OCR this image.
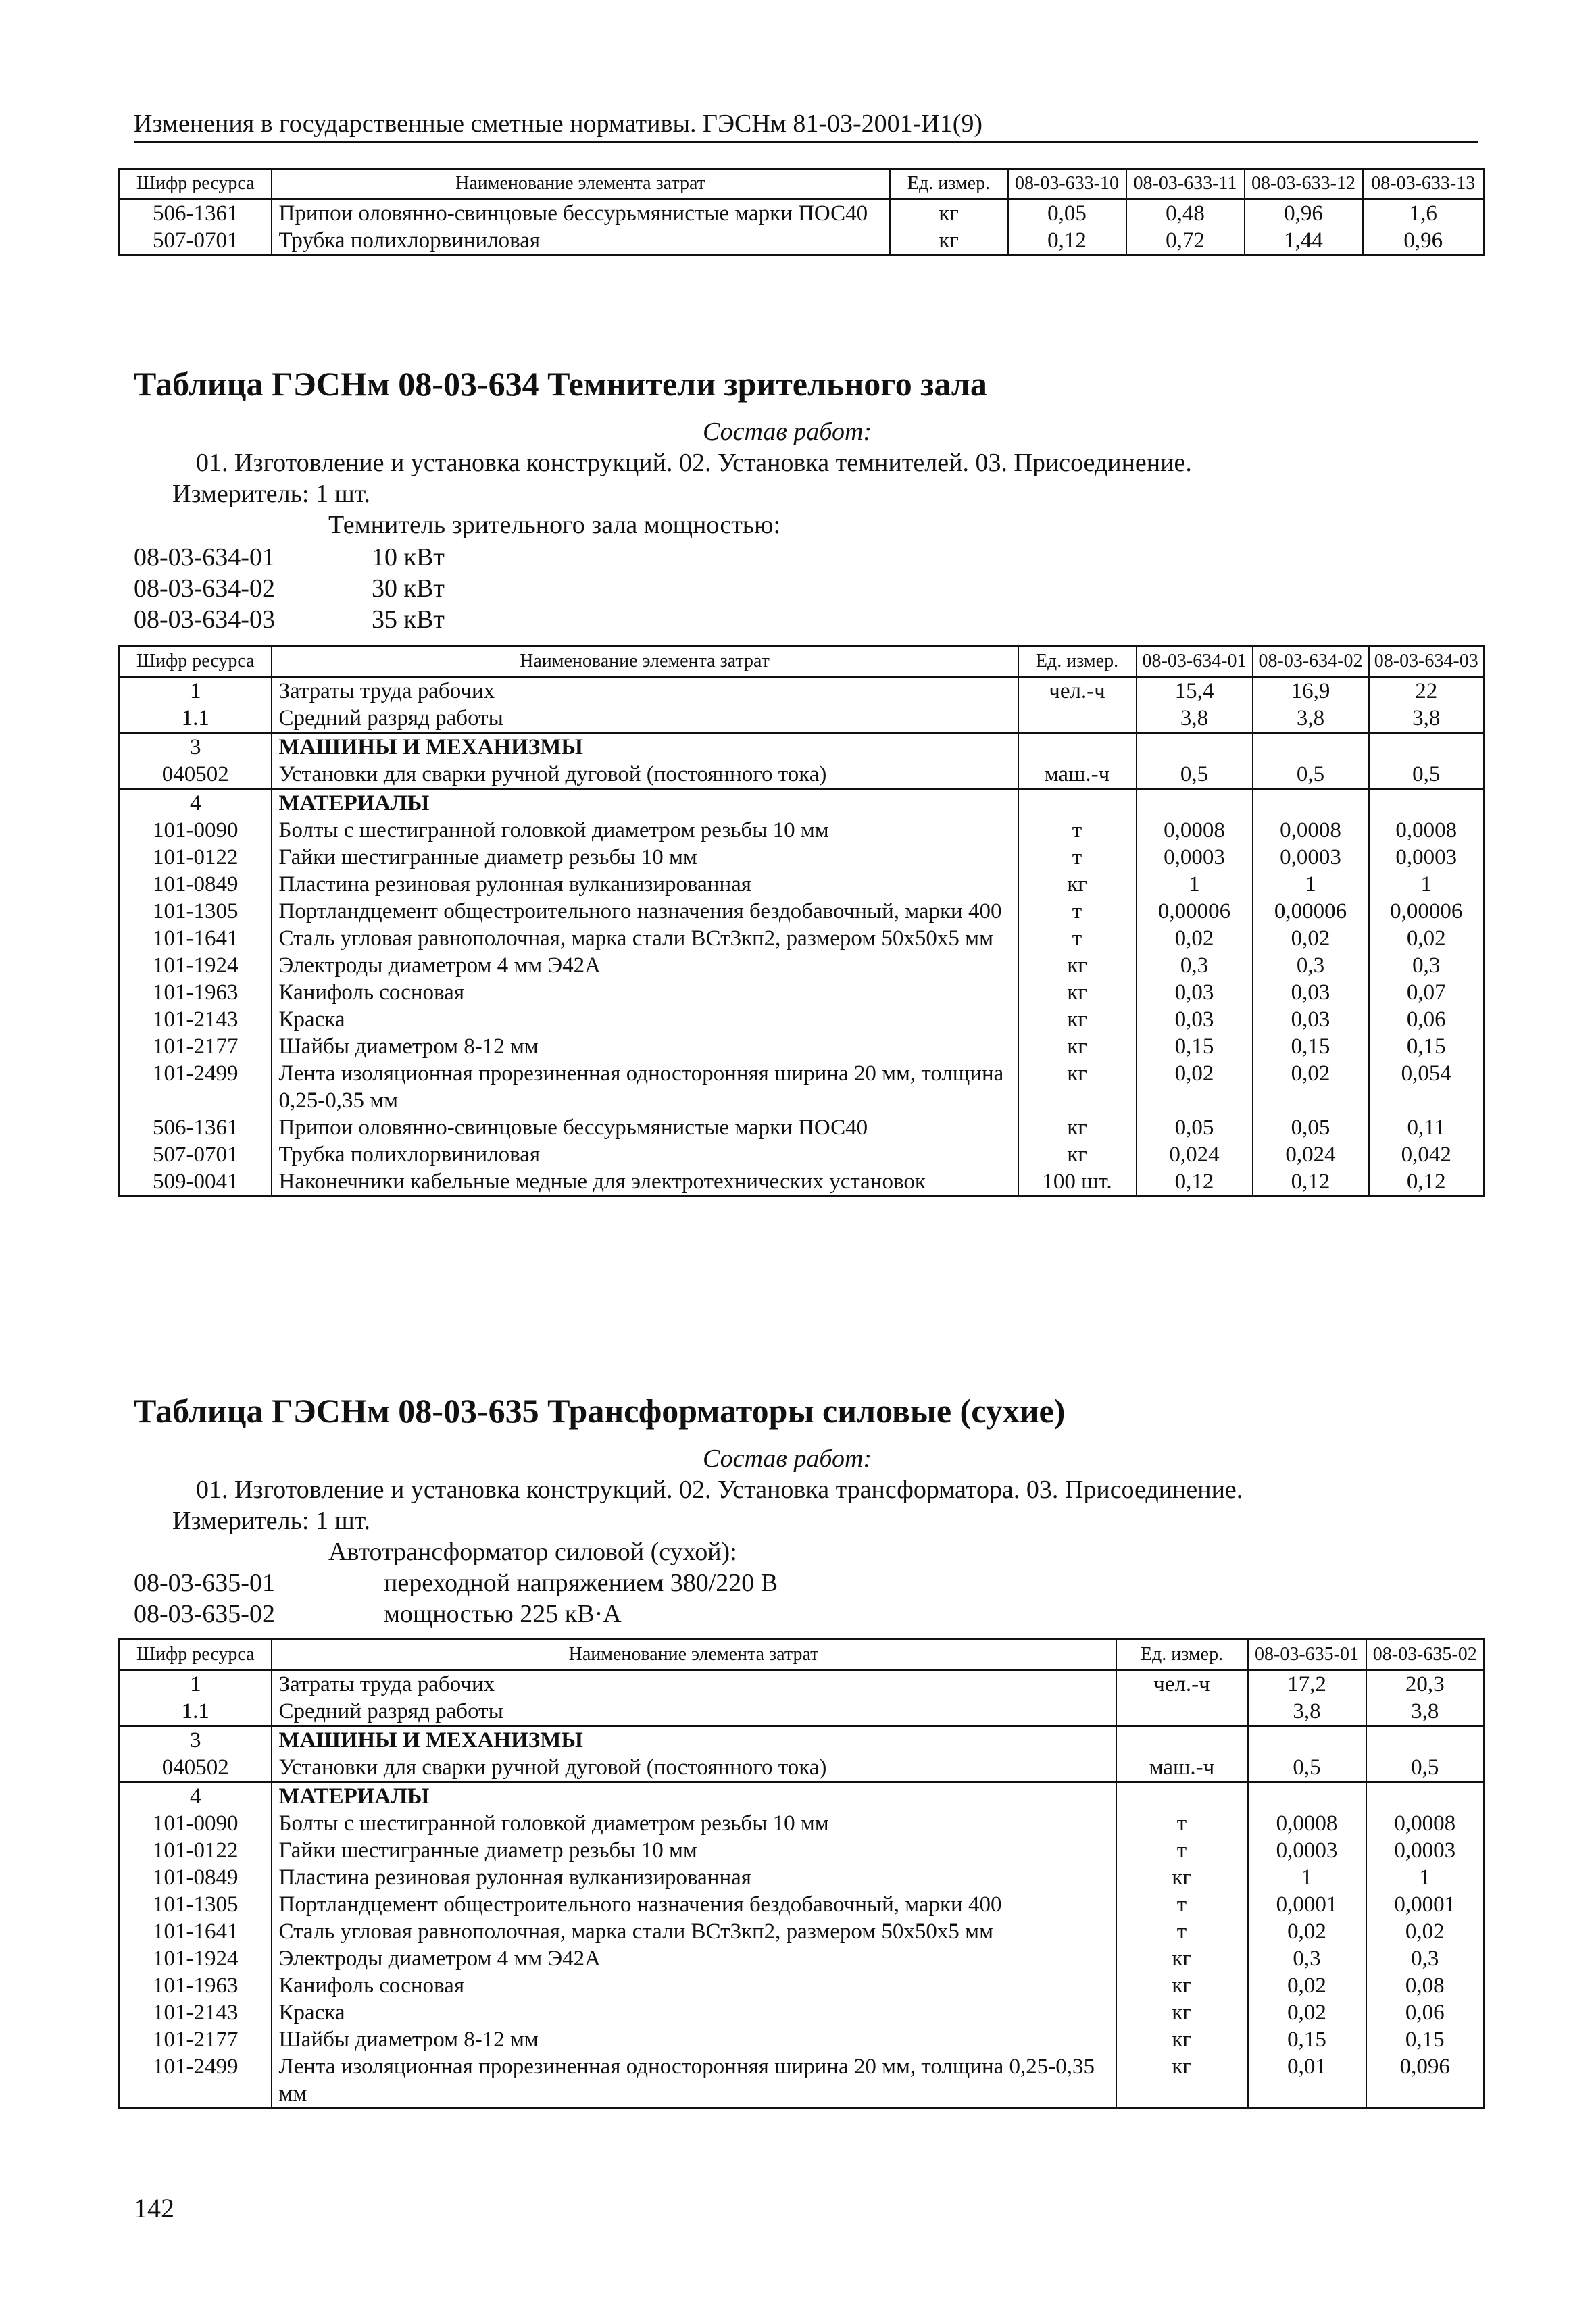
Изменения в государственные сметные нормативы. ГЭСНм 81-03-2001-И1(9)
Шифр ресурса	Наименование элемента затрат	Ед. измер.	08-03-633-10	08-03-633-11	08-03-633-12	08-03-633-13
506-1361	Припои оловянно-свинцовые бессурьмянистые марки ПОС40	кг	0,05	0,48	0,96	1,6
507-0701	Трубка полихлорвиниловая	кг	0,12	0,72	1,44	0,96
Таблица ГЭСНм 08-03-634 Темнители зрительного зала
Состав работ:
01. Изготовление и установка конструкций. 02. Установка темнителей. 03. Присоединение.
Измеритель: 1 шт.
Темнитель зрительного зала мощностью:
08-03-634-01	10 кВт
08-03-634-02	30 кВт
08-03-634-03	35 кВт
Шифр ресурса	Наименование элемента затрат	Ед. измер.	08-03-634-01	08-03-634-02	08-03-634-03
1	Затраты труда рабочих	чел.-ч	15,4	16,9	22
1.1	Средний разряд работы		3,8	3,8	3,8
3	МАШИНЫ И МЕХАНИЗМЫ				
040502	Установки для сварки ручной дуговой (постоянного тока)	маш.-ч	0,5	0,5	0,5
4	МАТЕРИАЛЫ				
101-0090	Болты с шестигранной головкой диаметром резьбы 10 мм	т	0,0008	0,0008	0,0008
101-0122	Гайки шестигранные диаметр резьбы 10 мм	т	0,0003	0,0003	0,0003
101-0849	Пластина резиновая рулонная вулканизированная	кг	1	1	1
101-1305	Портландцемент общестроительного назначения бездобавочный, марки 400	т	0,00006	0,00006	0,00006
101-1641	Сталь угловая равнополочная, марка стали ВСт3кп2, размером 50х50х5 мм	т	0,02	0,02	0,02
101-1924	Электроды диаметром 4 мм Э42А	кг	0,3	0,3	0,3
101-1963	Канифоль сосновая	кг	0,03	0,03	0,07
101-2143	Краска	кг	0,03	0,03	0,06
101-2177	Шайбы диаметром 8-12 мм	кг	0,15	0,15	0,15
101-2499	Лента изоляционная прорезиненная односторонняя ширина 20 мм, толщина 0,25-0,35 мм	кг	0,02	0,02	0,054
506-1361	Припои оловянно-свинцовые бессурьмянистые марки ПОС40	кг	0,05	0,05	0,11
507-0701	Трубка полихлорвиниловая	кг	0,024	0,024	0,042
509-0041	Наконечники кабельные медные для электротехнических установок	100 шт.	0,12	0,12	0,12
Таблица ГЭСНм 08-03-635 Трансформаторы силовые (сухие)
Состав работ:
01. Изготовление и установка конструкций. 02. Установка трансформатора. 03. Присоединение.
Измеритель: 1 шт.
Автотрансформатор силовой (сухой):
08-03-635-01	переходной напряжением 380/220 В
08-03-635-02	мощностью 225 кВ·А
Шифр ресурса	Наименование элемента затрат	Ед. измер.	08-03-635-01	08-03-635-02
1	Затраты труда рабочих	чел.-ч	17,2	20,3
1.1	Средний разряд работы		3,8	3,8
3	МАШИНЫ И МЕХАНИЗМЫ			
040502	Установки для сварки ручной дуговой (постоянного тока)	маш.-ч	0,5	0,5
4	МАТЕРИАЛЫ			
101-0090	Болты с шестигранной головкой диаметром резьбы 10 мм	т	0,0008	0,0008
101-0122	Гайки шестигранные диаметр резьбы 10 мм	т	0,0003	0,0003
101-0849	Пластина резиновая рулонная вулканизированная	кг	1	1
101-1305	Портландцемент общестроительного назначения бездобавочный, марки 400	т	0,0001	0,0001
101-1641	Сталь угловая равнополочная, марка стали ВСт3кп2, размером 50х50х5 мм	т	0,02	0,02
101-1924	Электроды диаметром 4 мм Э42А	кг	0,3	0,3
101-1963	Канифоль сосновая	кг	0,02	0,08
101-2143	Краска	кг	0,02	0,06
101-2177	Шайбы диаметром 8-12 мм	кг	0,15	0,15
101-2499	Лента изоляционная прорезиненная односторонняя ширина 20 мм, толщина 0,25-0,35 мм	кг	0,01	0,096
142
